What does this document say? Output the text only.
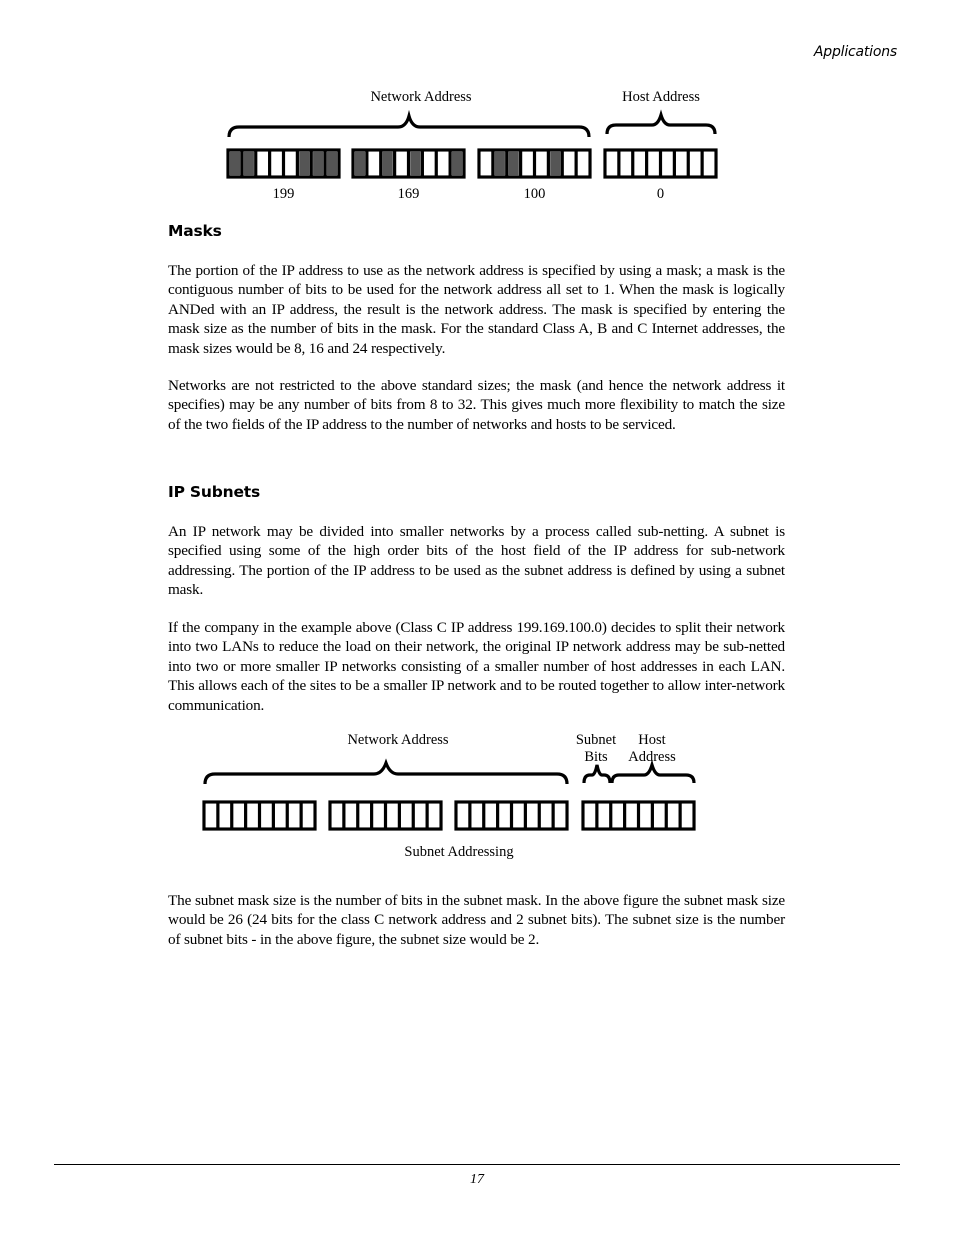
Applications
Network Address	Host Address
199	169	100	0
Masks

The portion of the IP address to use as the network address is specified by using a mask; a mask is the contiguous number of bits to be used for the network address all set to 1. When the mask is logically ANDed with an IP address, the result is the network address. The mask is specified by entering the mask size as the number of bits in the mask. For the standard Class A, B and C Internet addresses, the mask sizes would be 8, 16 and 24 respectively.

Networks are not restricted to the above standard sizes; the mask (and hence the network address it specifies) may be any number of bits from 8 to 32. This gives much more flexibility to match the size of the two fields of the IP address to the number of networks and hosts to be serviced.

IP Subnets

An IP network may be divided into smaller networks by a process called sub-netting. A subnet is specified using some of the high order bits of the host field of the IP address for sub-network addressing. The portion of the IP address to be used as the subnet address is defined by using a subnet mask.

If the company in the example above (Class C IP address 199.169.100.0) decides to split their network into two LANs to reduce the load on their network, the original IP network address may be sub-netted into two or more smaller IP networks consisting of a smaller number of host addresses in each LAN. This allows each of the sites to be a smaller IP network and to be routed together to allow inter-network communication.

Network Address	Subnet
Bits
Host
Address
Subnet Addressing

The subnet mask size is the number of bits in the subnet mask. In the above figure the subnet mask size would be 26 (24 bits for the class C network address and 2 subnet bits). The subnet size is the number of subnet bits - in the above figure, the subnet size would be 2.

17
